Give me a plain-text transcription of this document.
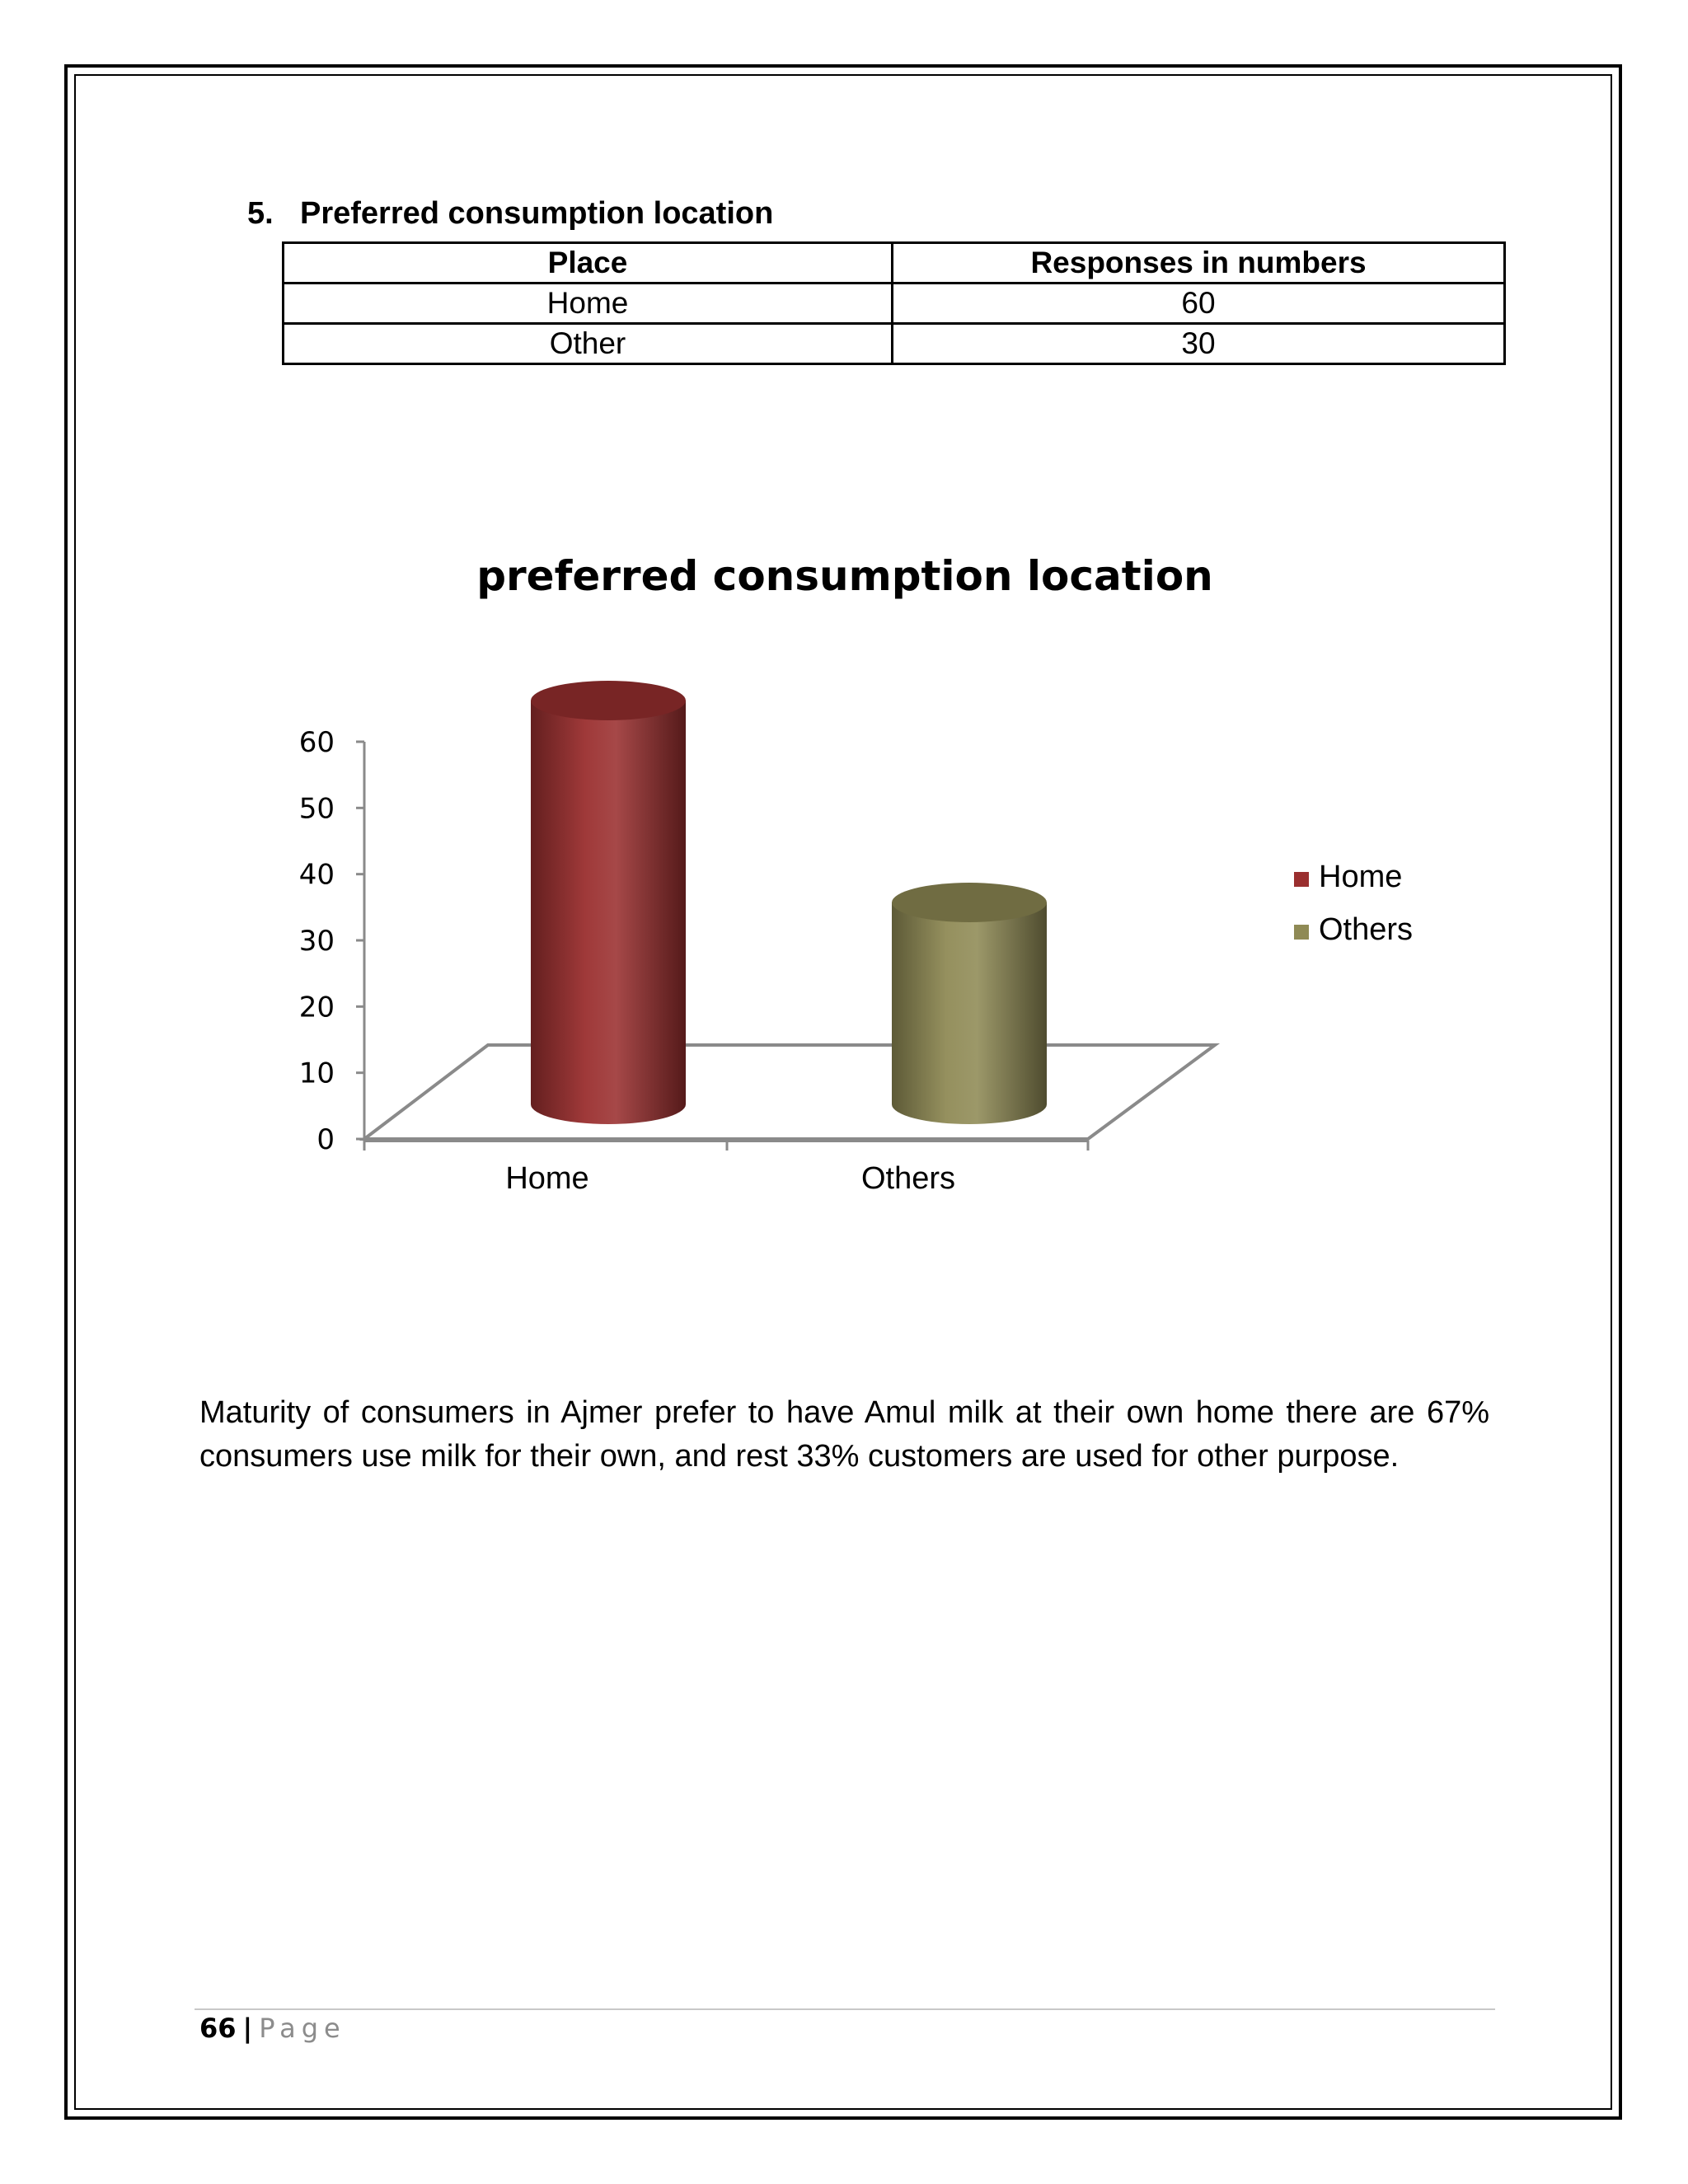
5. Preferred consumption location
Place	Responses in numbers
Home	60
Other	30
preferred consumption location
0
10
20
30
40
50
60
Home	Others
Home
Others

Maturity of consumers in Ajmer prefer to have Amul milk at their own home there are 67% consumers use milk for their own, and rest 33% customers are used for other purpose.

66 | Page
